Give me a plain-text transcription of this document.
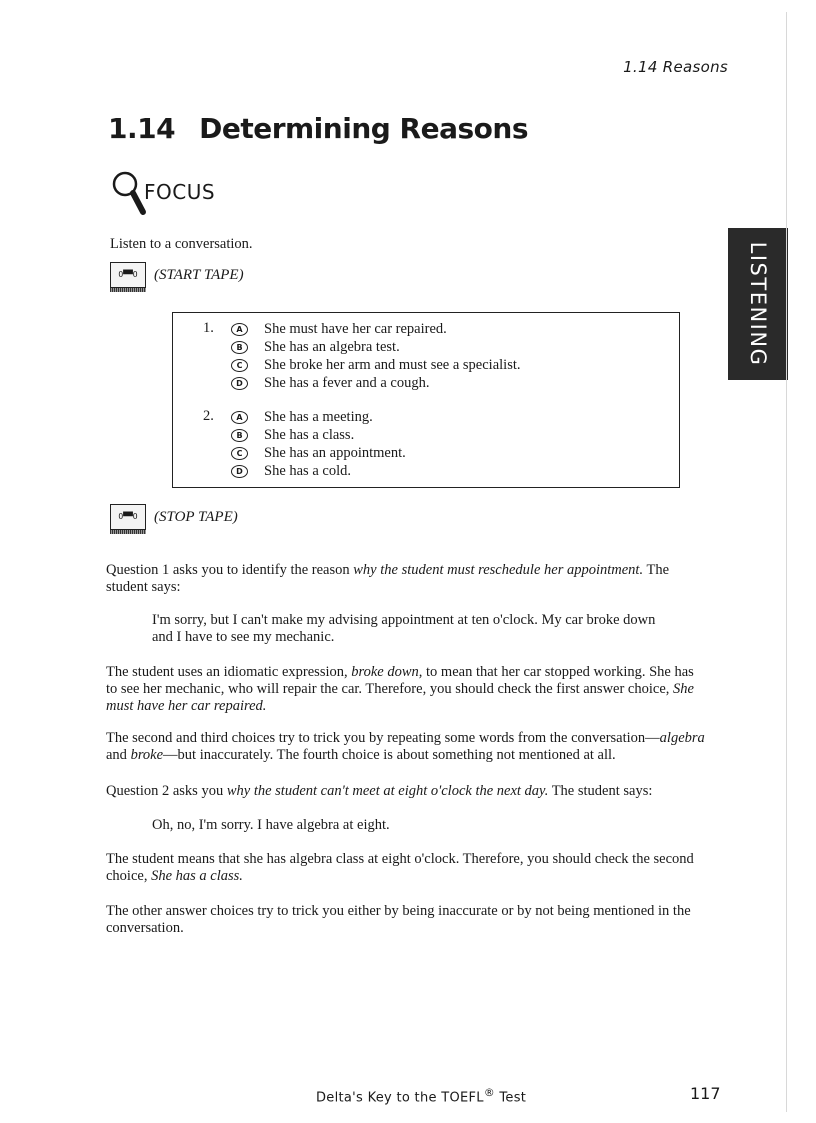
1.14 Reasons
1.14 Determining Reasons
FOCUS
Listen to a conversation.
O▀▀O (START TAPE)
1.	A She must have her car repaired.
B She has an algebra test.
C She broke her arm and must see a specialist.
D She has a fever and a cough.
2.	A She has a meeting.
B She has a class.
C She has an appointment.
D She has a cold.
O▀▀O (STOP TAPE)
Question 1 asks you to identify the reason why the student must reschedule her appointment. The student says:
I'm sorry, but I can't make my advising appointment at ten o'clock. My car broke down and I have to see my mechanic.
The student uses an idiomatic expression, broke down, to mean that her car stopped working. She has to see her mechanic, who will repair the car. Therefore, you should check the first answer choice, She must have her car repaired.
The second and third choices try to trick you by repeating some words from the conversation—algebra and broke—but inaccurately. The fourth choice is about something not mentioned at all.
Question 2 asks you why the student can't meet at eight o'clock the next day. The student says:
Oh, no, I'm sorry. I have algebra at eight.
The student means that she has algebra class at eight o'clock. Therefore, you should check the second choice, She has a class.
The other answer choices try to trick you either by being inaccurate or by not being mentioned in the conversation.
LISTENING
Delta's Key to the TOEFL® Test	117
